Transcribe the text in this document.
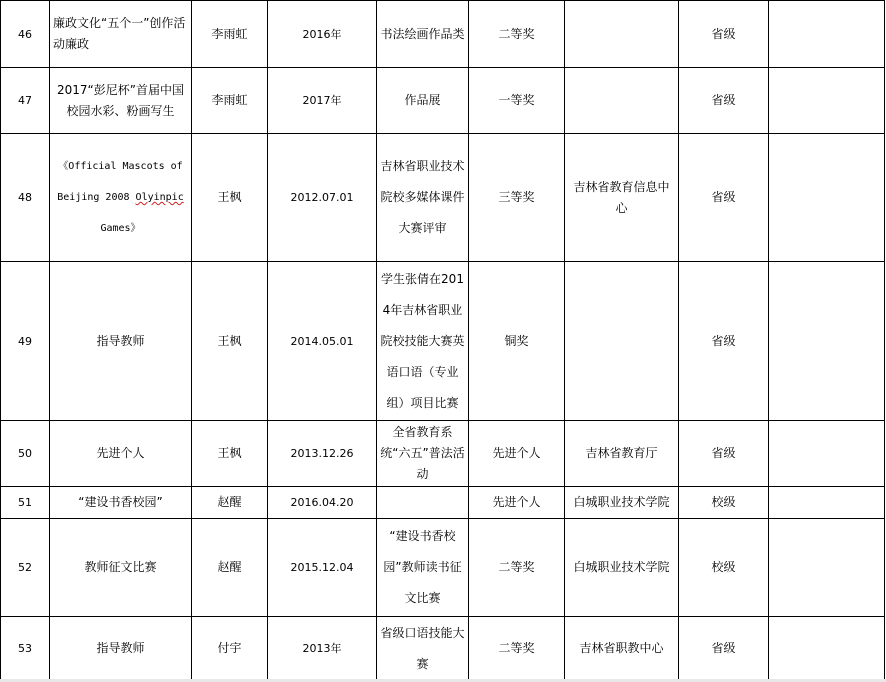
46	廉政文化“五个一”创作活动廉政	李雨虹	2016年	书法绘画作品类	二等奖		省级	
47	2017“彭尼杯”首届中国校园水彩、粉画写生	李雨虹	2017年	作品展	一等奖		省级	
48	《Official Mascots of Beijing 2008 Olyinpic Games》	王枫	2012.07.01	吉林省职业技术院校多媒体课件大赛评审	三等奖	吉林省教育信息中心	省级	
49	指导教师	王枫	2014.05.01	学生张倩在2014年吉林省职业院校技能大赛英语口语（专业组）项目比赛	铜奖		省级	
50	先进个人	王枫	2013.12.26	全省教育系统“六五”普法活动	先进个人	吉林省教育厅	省级	
51	“建设书香校园”	赵醒	2016.04.20		先进个人	白城职业技术学院	校级	
52	教师征文比赛	赵醒	2015.12.04	“建设书香校园”教师读书征文比赛	二等奖	白城职业技术学院	校级	
53	指导教师	付宇	2013年	省级口语技能大赛	二等奖	吉林省职教中心	省级	
